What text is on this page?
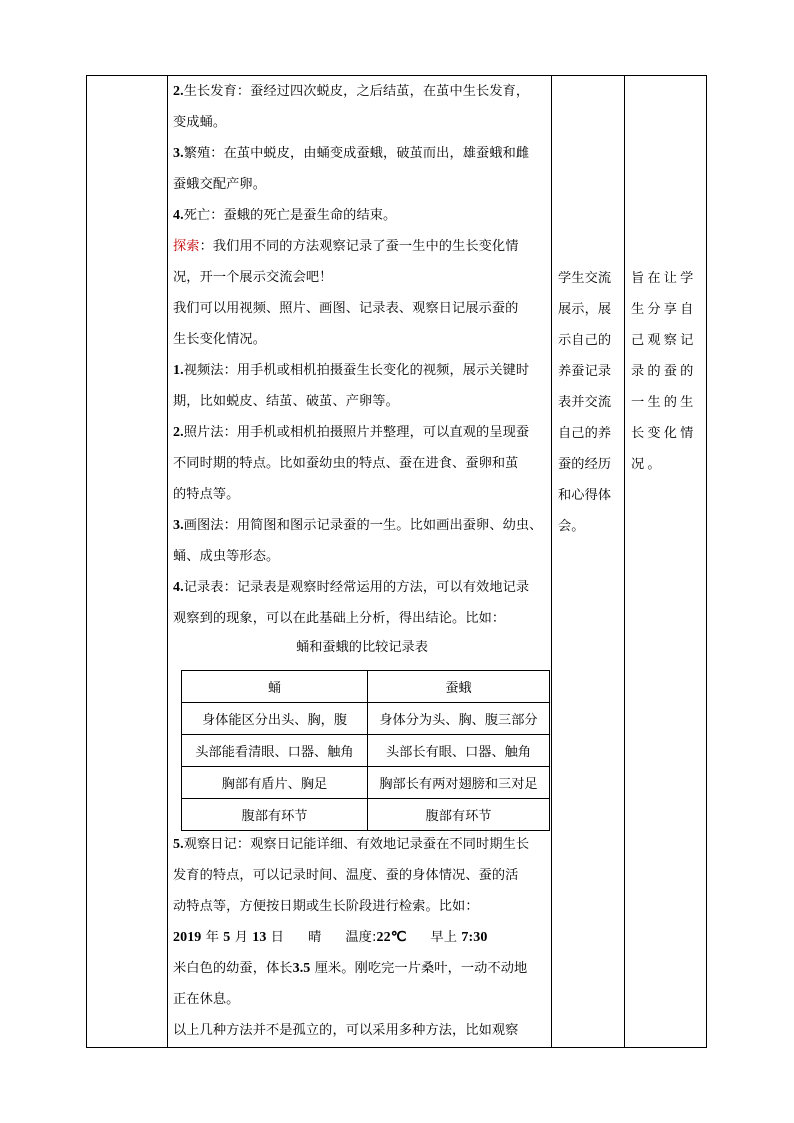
2.生长发育：蚕经过四次蜕皮，之后结茧，在茧中生长发育，

变成蛹。

3.繁殖：在茧中蜕皮，由蛹变成蚕蛾，破茧而出，雄蚕蛾和雌

蚕蛾交配产卵。

4.死亡：蚕蛾的死亡是蚕生命的结束。

探索：我们用不同的方法观察记录了蚕一生中的生长变化情

况，开一个展示交流会吧！

我们可以用视频、照片、画图、记录表、观察日记展示蚕的

生长变化情况。

1.视频法：用手机或相机拍摄蚕生长变化的视频，展示关键时

期，比如蜕皮、结茧、破茧、产卵等。

2.照片法：用手机或相机拍摄照片并整理，可以直观的呈现蚕

不同时期的特点。比如蚕幼虫的特点、蚕在进食、蚕卵和茧

的特点等。

3.画图法：用简图和图示记录蚕的一生。比如画出蚕卵、幼虫、

蛹、成虫等形态。

4.记录表：记录表是观察时经常运用的方法，可以有效地记录

观察到的现象，可以在此基础上分析，得出结论。比如：

蛹和蚕蛾的比较记录表

蛹	蚕蛾
身体能区分出头、胸，腹	身体分为头、胸、腹三部分
头部能看清眼、口器、触角	头部长有眼、口器、触角
胸部有盾片、胸足	胸部长有两对翅膀和三对足
腹部有环节	腹部有环节

5.观察日记：观察日记能详细、有效地记录蚕在不同时期生长

发育的特点，可以记录时间、温度、蚕的身体情况、蚕的活

动特点等，方便按日期或生长阶段进行检索。比如：

2019 年 5 月 13 日 晴 温度:22℃ 早上 7:30

米白色的幼蚕，体长3.5 厘米。刚吃完一片桑叶，一动不动地

正在休息。

以上几种方法并不是孤立的，可以采用多种方法，比如观察

学生交流

展示，展

示自己的

养蚕记录

表并交流

自己的养

蚕的经历

和心得体

会。

旨在让学

生分享自

己观察记

录的蚕的

一生的生

长变化情

况。
